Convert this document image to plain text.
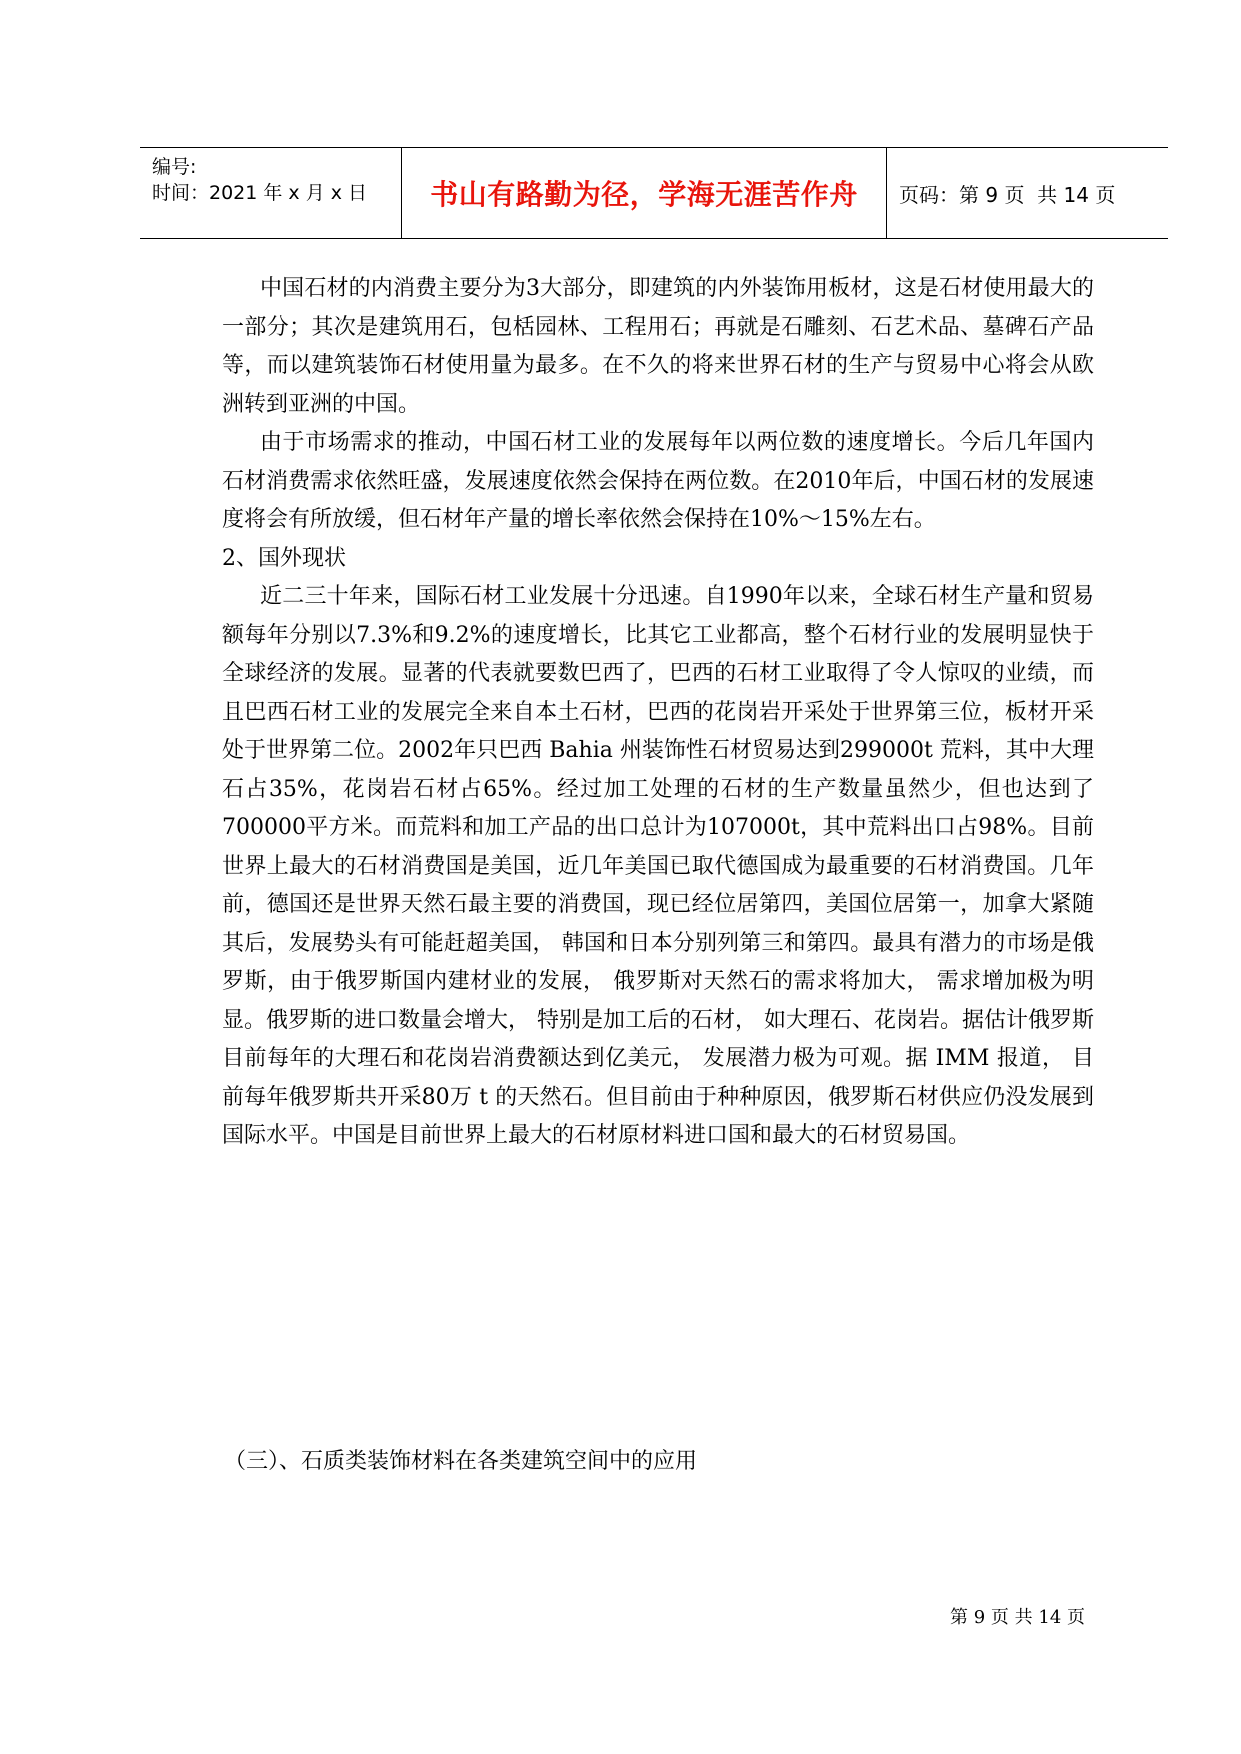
编号:
时间：2021 年 x 月 x 日	书山有路勤为径，学海无涯苦作舟	页码：第 9 页  共 14 页

中国石材的内消费主要分为3大部分，即建筑的内外装饰用板材，这是石材使用最大的一部分；其次是建筑用石，包栝园林、工程用石；再就是石雕刻、石艺术品、墓碑石产品等，而以建筑装饰石材使用量为最多。在不久的将来世界石材的生产与贸易中心将会从欧洲转到亚洲的中国。

由于市场需求的推动，中国石材工业的发展每年以两位数的速度增长。今后几年国内石材消费需求依然旺盛，发展速度依然会保持在两位数。在2010年后，中国石材的发展速度将会有所放缓，但石材年产量的增长率依然会保持在10%～15%左右。

2、国外现状

近二三十年来，国际石材工业发展十分迅速。自1990年以来，全球石材生产量和贸易额每年分别以7.3%和9.2%的速度增长，比其它工业都高，整个石材行业的发展明显快于全球经济的发展。显著的代表就要数巴西了，巴西的石材工业取得了令人惊叹的业绩，而且巴西石材工业的发展完全来自本土石材，巴西的花岗岩开采处于世界第三位，板材开采处于世界第二位。2002年只巴西 Bahia 州装饰性石材贸易达到299000t 荒料，其中大理石占35%，花岗岩石材占65%。经过加工处理的石材的生产数量虽然少，但也达到了700000平方米。而荒料和加工产品的出口总计为107000t，其中荒料出口占98%。目前世界上最大的石材消费国是美国，近几年美国已取代德国成为最重要的石材消费国。几年前，德国还是世界天然石最主要的消费国，现已经位居第四，美国位居第一，加拿大紧随其后，发展势头有可能赶超美国， 韩国和日本分别列第三和第四。最具有潜力的市场是俄罗斯，由于俄罗斯国内建材业的发展， 俄罗斯对天然石的需求将加大， 需求增加极为明显。俄罗斯的进口数量会增大， 特别是加工后的石材， 如大理石、花岗岩。据估计俄罗斯目前每年的大理石和花岗岩消费额达到亿美元， 发展潜力极为可观。据 IMM 报道， 目前每年俄罗斯共开采80万 t 的天然石。但目前由于种种原因，俄罗斯石材供应仍没发展到国际水平。中国是目前世界上最大的石材原材料进口国和最大的石材贸易国。

（三）、石质类装饰材料在各类建筑空间中的应用
第 9 页 共 14 页
